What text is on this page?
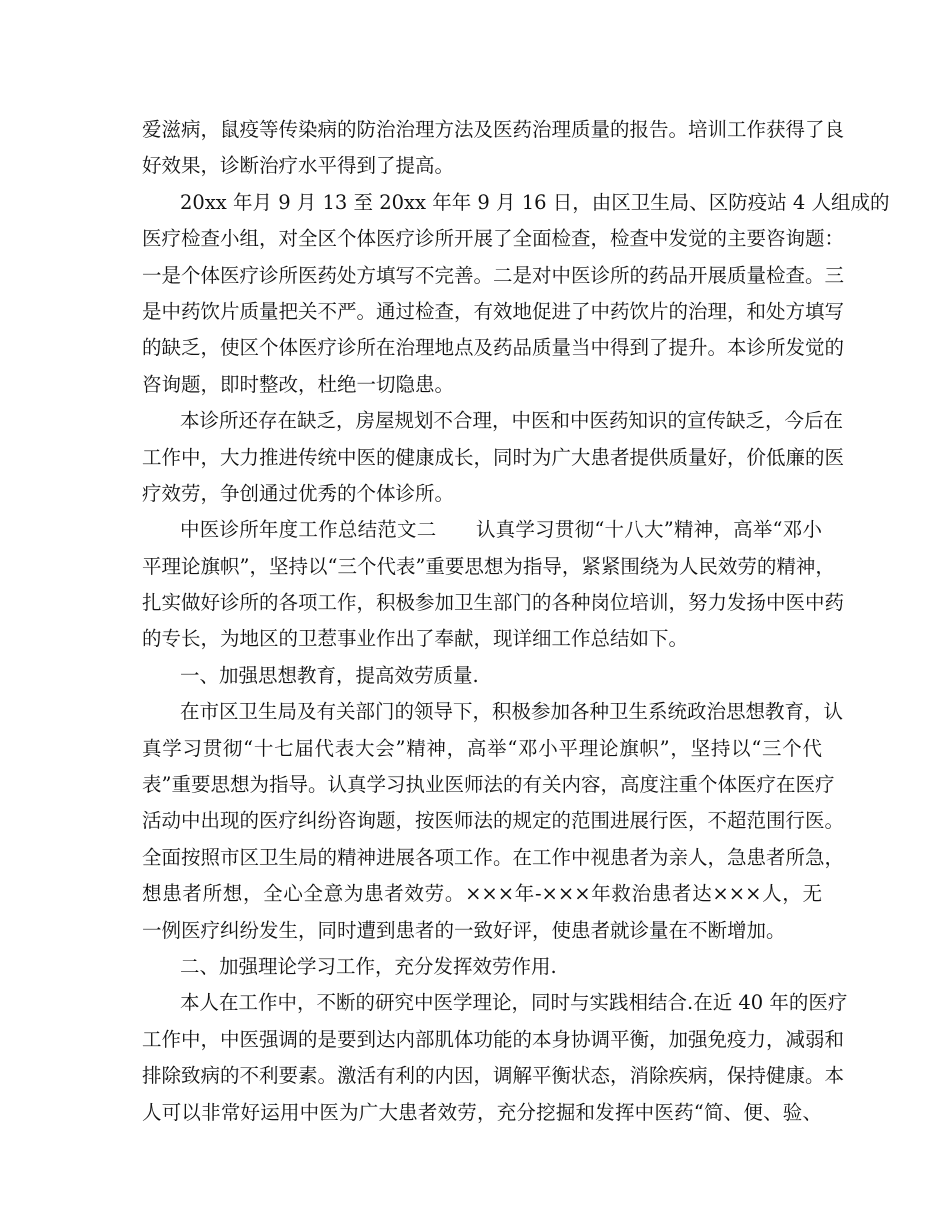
爱滋病，鼠疫等传染病的防治治理方法及医药治理质量的报告。培训工作获得了良
好效果，诊断治疗水平得到了提高。
20xx 年月 9 月 13 至 20xx 年年 9 月 16 日，由区卫生局、区防疫站 4 人组成的
医疗检查小组，对全区个体医疗诊所开展了全面检查，检查中发觉的主要咨询题：
一是个体医疗诊所医药处方填写不完善。二是对中医诊所的药品开展质量检查。三
是中药饮片质量把关不严。通过检查，有效地促进了中药饮片的治理，和处方填写
的缺乏，使区个体医疗诊所在治理地点及药品质量当中得到了提升。本诊所发觉的
咨询题，即时整改，杜绝一切隐患。
本诊所还存在缺乏，房屋规划不合理，中医和中医药知识的宣传缺乏，今后在
工作中，大力推进传统中医的健康成长，同时为广大患者提供质量好，价低廉的医
疗效劳，争创通过优秀的个体诊所。
中医诊所年度工作总结范文二　　认真学习贯彻“十八大”精神，高举“邓小
平理论旗帜”，坚持以“三个代表”重要思想为指导，紧紧围绕为人民效劳的精神，
扎实做好诊所的各项工作，积极参加卫生部门的各种岗位培训，努力发扬中医中药
的专长，为地区的卫惹事业作出了奉献，现详细工作总结如下。
一、加强思想教育，提高效劳质量.
在市区卫生局及有关部门的领导下，积极参加各种卫生系统政治思想教育，认
真学习贯彻“十七届代表大会”精神，高举“邓小平理论旗帜”，坚持以“三个代
表”重要思想为指导。认真学习执业医师法的有关内容，高度注重个体医疗在医疗
活动中出现的医疗纠纷咨询题，按医师法的规定的范围进展行医，不超范围行医。
全面按照市区卫生局的精神进展各项工作。在工作中视患者为亲人，急患者所急，
想患者所想，全心全意为患者效劳。×××年-×××年救治患者达×××人，无
一例医疗纠纷发生，同时遭到患者的一致好评，使患者就诊量在不断增加。
二、加强理论学习工作，充分发挥效劳作用.
本人在工作中，不断的研究中医学理论，同时与实践相结合.在近 40 年的医疗
工作中，中医强调的是要到达内部肌体功能的本身协调平衡，加强免疫力，减弱和
排除致病的不利要素。激活有利的内因，调解平衡状态，消除疾病，保持健康。本
人可以非常好运用中医为广大患者效劳，充分挖掘和发挥中医药“简、便、验、
